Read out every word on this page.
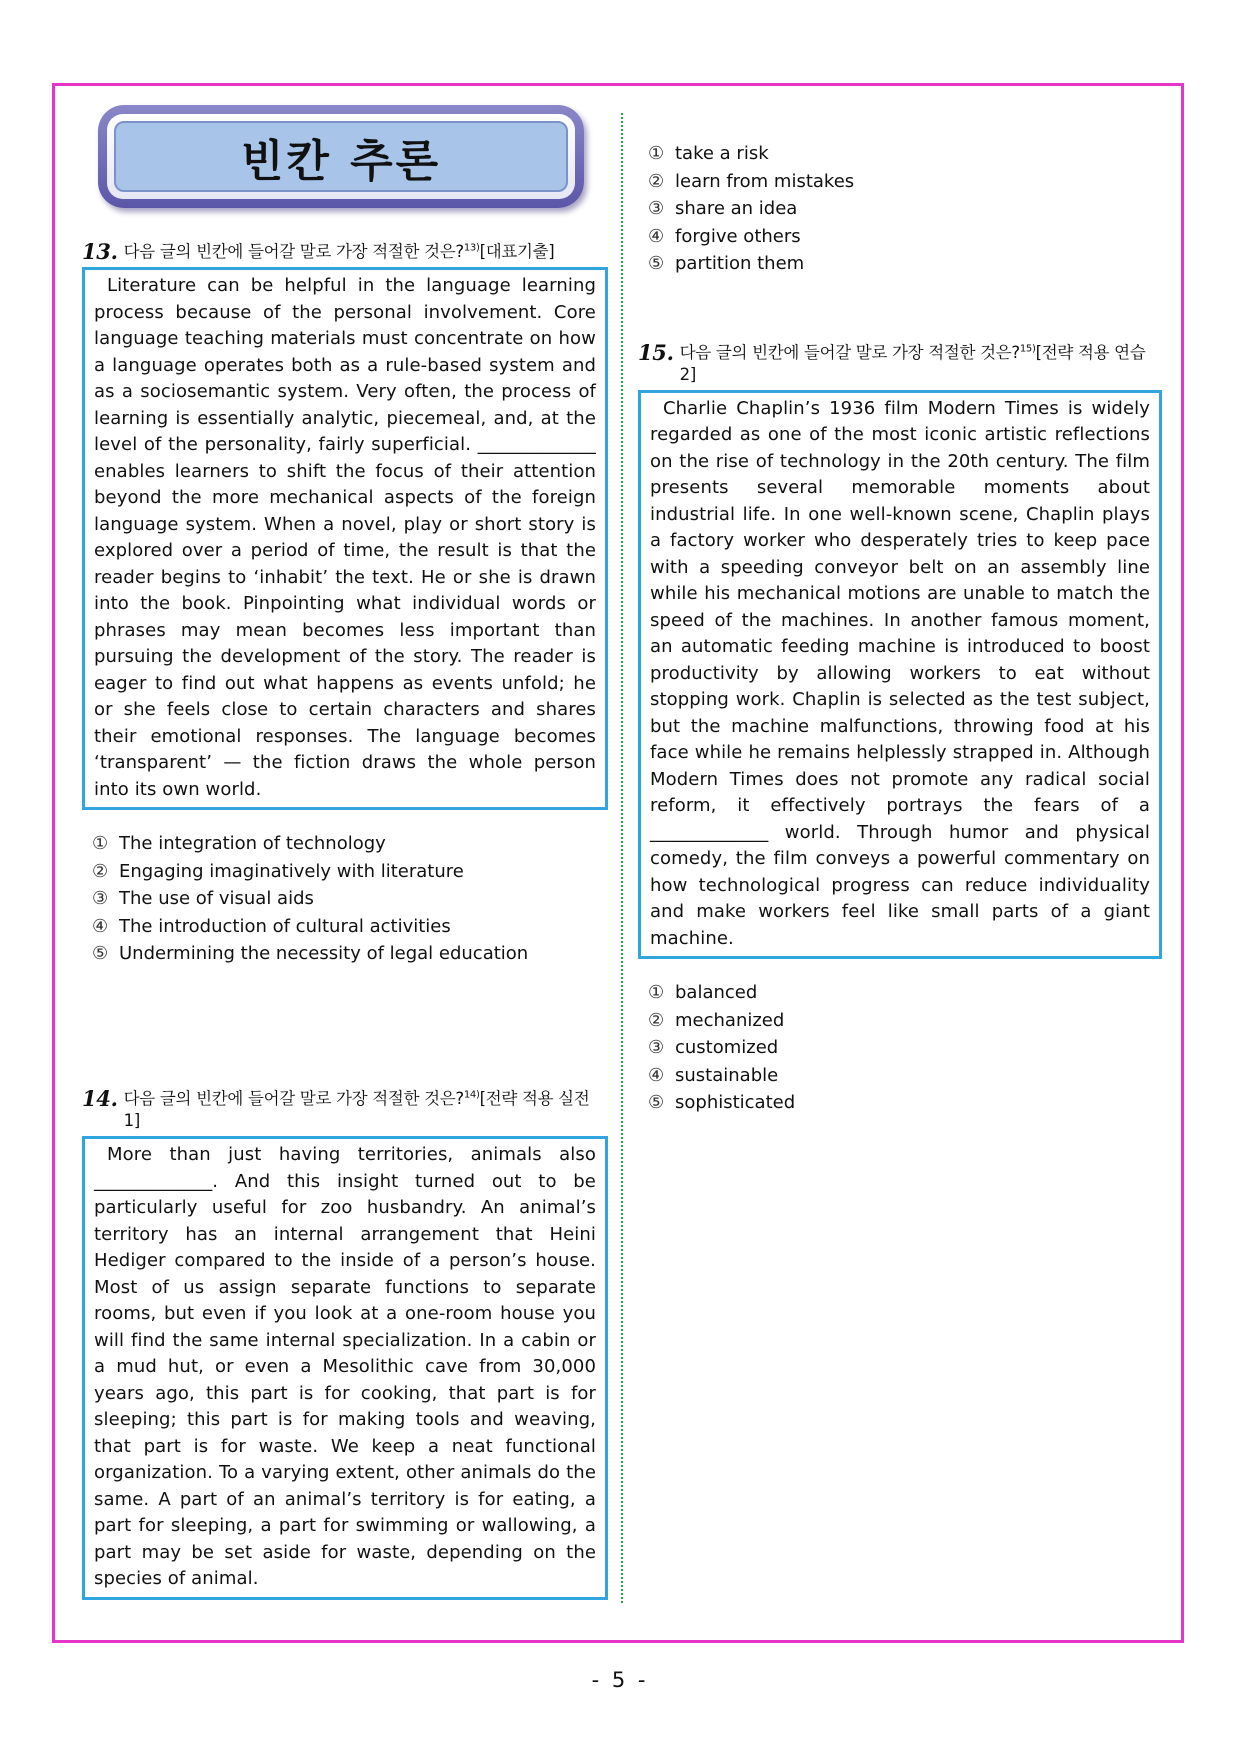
빈칸 추론
13. 다음 글의 빈칸에 들어갈 말로 가장 적절한 것은?$^{13)}$[대표기출]
Literature can be helpful in the language learning process because of the personal involvement. Core language teaching materials must concentrate on how a language operates both as a rule-based system and as a sociosemantic system. Very often, the process of learning is essentially analytic, piecemeal, and, at the level of the personality, fairly superficial. _____________ enables learners to shift the focus of their attention beyond the more mechanical aspects of the foreign language system. When a novel, play or short story is explored over a period of time, the result is that the reader begins to ‘inhabit’ the text. He or she is drawn into the book. Pinpointing what individual words or phrases may mean becomes less important than pursuing the development of the story. The reader is eager to find out what happens as events unfold; he or she feels close to certain characters and shares their emotional responses. The language becomes ‘transparent’ — the fiction draws the whole person into its own world.
① The integration of technology
② Engaging imaginatively with literature
③ The use of visual aids
④ The introduction of cultural activities
⑤ Undermining the necessity of legal education
14. 다음 글의 빈칸에 들어갈 말로 가장 적절한 것은?$^{14)}$[전략 적용 실전 1]
More than just having territories, animals also _____________. And this insight turned out to be particularly useful for zoo husbandry. An animal’s territory has an internal arrangement that Heini Hediger compared to the inside of a person’s house. Most of us assign separate functions to separate rooms, but even if you look at a one-room house you will find the same internal specialization. In a cabin or a mud hut, or even a Mesolithic cave from 30,000 years ago, this part is for cooking, that part is for sleeping; this part is for making tools and weaving, that part is for waste. We keep a neat functional organization. To a varying extent, other animals do the same. A part of an animal’s territory is for eating, a part for sleeping, a part for swimming or wallowing, a part may be set aside for waste, depending on the species of animal.
① take a risk
② learn from mistakes
③ share an idea
④ forgive others
⑤ partition them
15. 다음 글의 빈칸에 들어갈 말로 가장 적절한 것은?$^{15)}$[전략 적용 연습 2]
Charlie Chaplin’s 1936 film Modern Times is widely regarded as one of the most iconic artistic reflections on the rise of technology in the 20th century. The film presents several memorable moments about industrial life. In one well-known scene, Chaplin plays a factory worker who desperately tries to keep pace with a speeding conveyor belt on an assembly line while his mechanical motions are unable to match the speed of the machines. In another famous moment, an automatic feeding machine is introduced to boost productivity by allowing workers to eat without stopping work. Chaplin is selected as the test subject, but the machine malfunctions, throwing food at his face while he remains helplessly strapped in. Although Modern Times does not promote any radical social reform, it effectively portrays the fears of a _____________ world. Through humor and physical comedy, the film conveys a powerful commentary on how technological progress can reduce individuality and make workers feel like small parts of a giant machine.
① balanced
② mechanized
③ customized
④ sustainable
⑤ sophisticated
- 5 -
